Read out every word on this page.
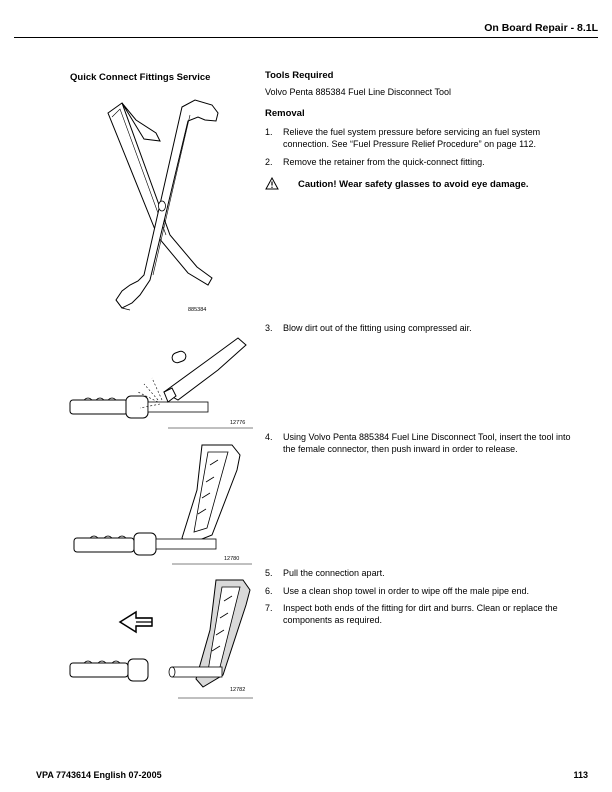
On Board Repair - 8.1L
Quick Connect Fittings Service	Tools Required
Volvo Penta 885384 Fuel Line Disconnect Tool
Removal
1. Relieve the fuel system pressure before servicing an fuel system connection. See “Fuel Pressure Relief Procedure” on page 112.
2. Remove the retainer from the quick-connect fitting.
Caution! Wear safety glasses to avoid eye damage.
3. Blow dirt out of the fitting using compressed air.
4. Using Volvo Penta 885384 Fuel Line Disconnect Tool, insert the tool into the female connector, then push inward in order to release.
5. Pull the connection apart.
6. Use a clean shop towel in order to wipe off the male pipe end.
7. Inspect both ends of the fitting for dirt and burrs. Clean or replace the components as required.
885384
12776
12780
12782
VPA 7743614 English 07-2005	113
